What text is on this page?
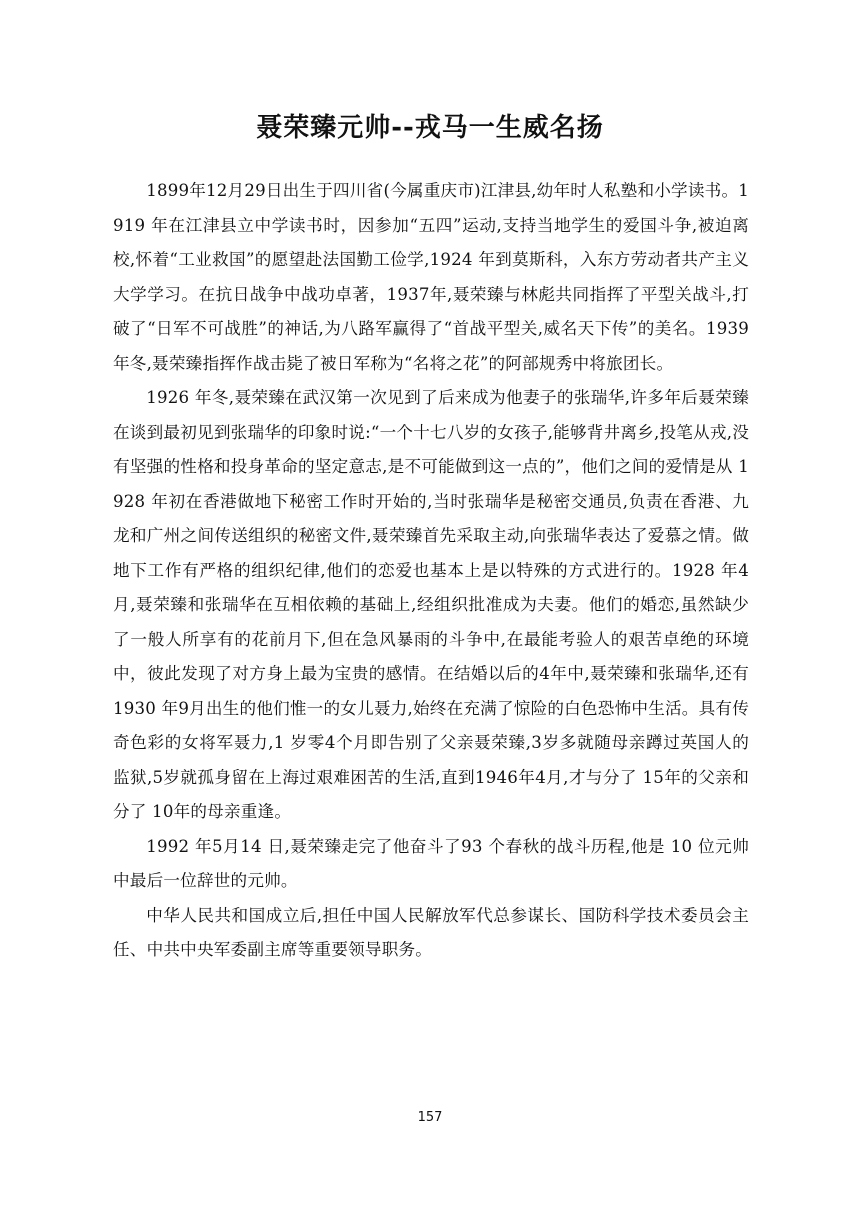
聂荣臻元帅--戎马一生威名扬

1899年12月29日出生于四川省(今属重庆市)江津县,幼年时人私塾和小学读书。1919 年在江津县立中学读书时，因参加“五四”运动,支持当地学生的爱国斗争,被迫离校,怀着“工业救国”的愿望赴法国勤工俭学,1924 年到莫斯科，入东方劳动者共产主义大学学习。在抗日战争中战功卓著，1937年,聂荣臻与林彪共同指挥了平型关战斗,打破了“日军不可战胜”的神话,为八路军赢得了“首战平型关,威名天下传”的美名。1939 年冬,聂荣臻指挥作战击毙了被日军称为“名将之花”的阿部规秀中将旅团长。

1926 年冬,聂荣臻在武汉第一次见到了后来成为他妻子的张瑞华,许多年后聂荣臻在谈到最初见到张瑞华的印象时说:“一个十七八岁的女孩子,能够背井离乡,投笔从戎,没有坚强的性格和投身革命的坚定意志,是不可能做到这一点的”，他们之间的爱情是从 1928 年初在香港做地下秘密工作时开始的,当时张瑞华是秘密交通员,负责在香港、九龙和广州之间传送组织的秘密文件,聂荣臻首先采取主动,向张瑞华表达了爱慕之情。做地下工作有严格的组织纪律,他们的恋爱也基本上是以特殊的方式进行的。1928 年4月,聂荣臻和张瑞华在互相依赖的基础上,经组织批准成为夫妻。他们的婚恋,虽然缺少了一般人所享有的花前月下,但在急风暴雨的斗争中,在最能考验人的艰苦卓绝的环境中，彼此发现了对方身上最为宝贵的感情。在结婚以后的4年中,聂荣臻和张瑞华,还有 1930 年9月出生的他们惟一的女儿聂力,始终在充满了惊险的白色恐怖中生活。具有传奇色彩的女将军聂力,1 岁零4个月即告别了父亲聂荣臻,3岁多就随母亲蹲过英国人的监狱,5岁就孤身留在上海过艰难困苦的生活,直到1946年4月,才与分了 15年的父亲和分了 10年的母亲重逢。

1992 年5月14 日,聂荣臻走完了他奋斗了93 个春秋的战斗历程,他是 10 位元帅中最后一位辞世的元帅。

中华人民共和国成立后,担任中国人民解放军代总参谋长、国防科学技术委员会主任、中共中央军委副主席等重要领导职务。

157
